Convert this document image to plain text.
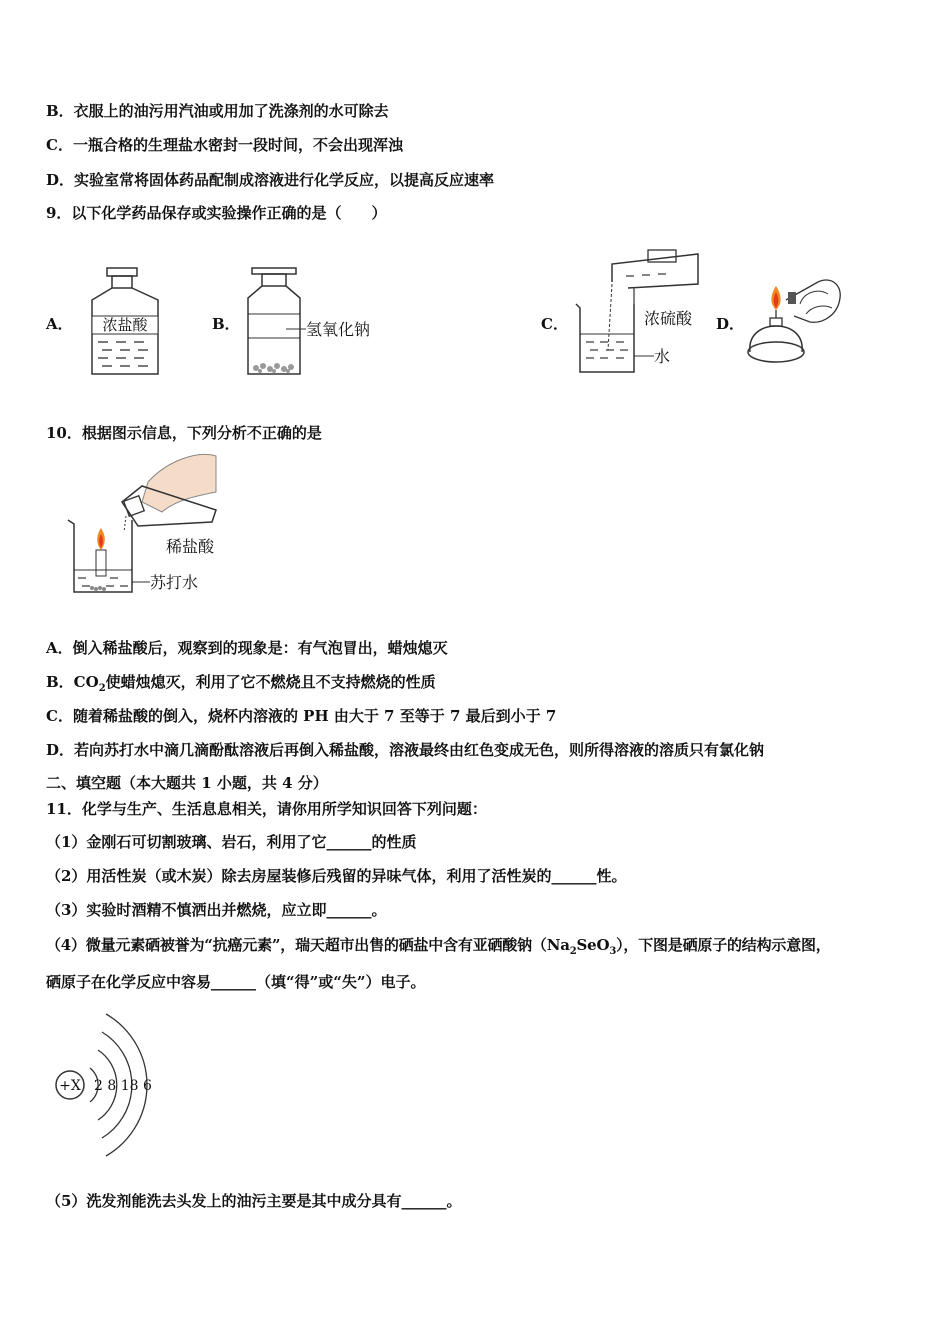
B．衣服上的油污用汽油或用加了洗涤剂的水可除去
C．一瓶合格的生理盐水密封一段时间，不会出现浑浊
D．实验室常将固体药品配制成溶液进行化学反应，以提高反应速率
9．以下化学药品保存或实验操作正确的是（　　）
A． 浓盐酸	B．	氢氧化钠	C．	浓硫酸
水
D．
10．根据图示信息，下列分析不正确的是
稀盐酸
苏打水
A．倒入稀盐酸后，观察到的现象是：有气泡冒出，蜡烛熄灭
B．$CO_2$使蜡烛熄灭，利用了它不燃烧且不支持燃烧的性质
C．随着稀盐酸的倒入，烧杯内溶液的 PH 由大于 7 至等于 7 最后到小于 7
D．若向苏打水中滴几滴酚酞溶液后再倒入稀盐酸，溶液最终由红色变成无色，则所得溶液的溶质只有氯化钠
二、填空题（本大题共 1 小题，共 4 分）
11．化学与生产、生活息息相关，请你用所学知识回答下列问题：
（1）金刚石可切割玻璃、岩石，利用了它______的性质
（2）用活性炭（或木炭）除去房屋装修后残留的异味气体，利用了活性炭的______性。
（3）实验时酒精不慎洒出并燃烧，应立即______。
（4）微量元素硒被誉为“抗癌元素”，瑞天超市出售的硒盐中含有亚硒酸钠$(Na_2SeO_3)$，下图是硒原子的结构示意图，
硒原子在化学反应中容易______（填“得”或“失”）电子。
+X 2 8 18 6
（5）洗发剂能洗去头发上的油污主要是其中成分具有______。
